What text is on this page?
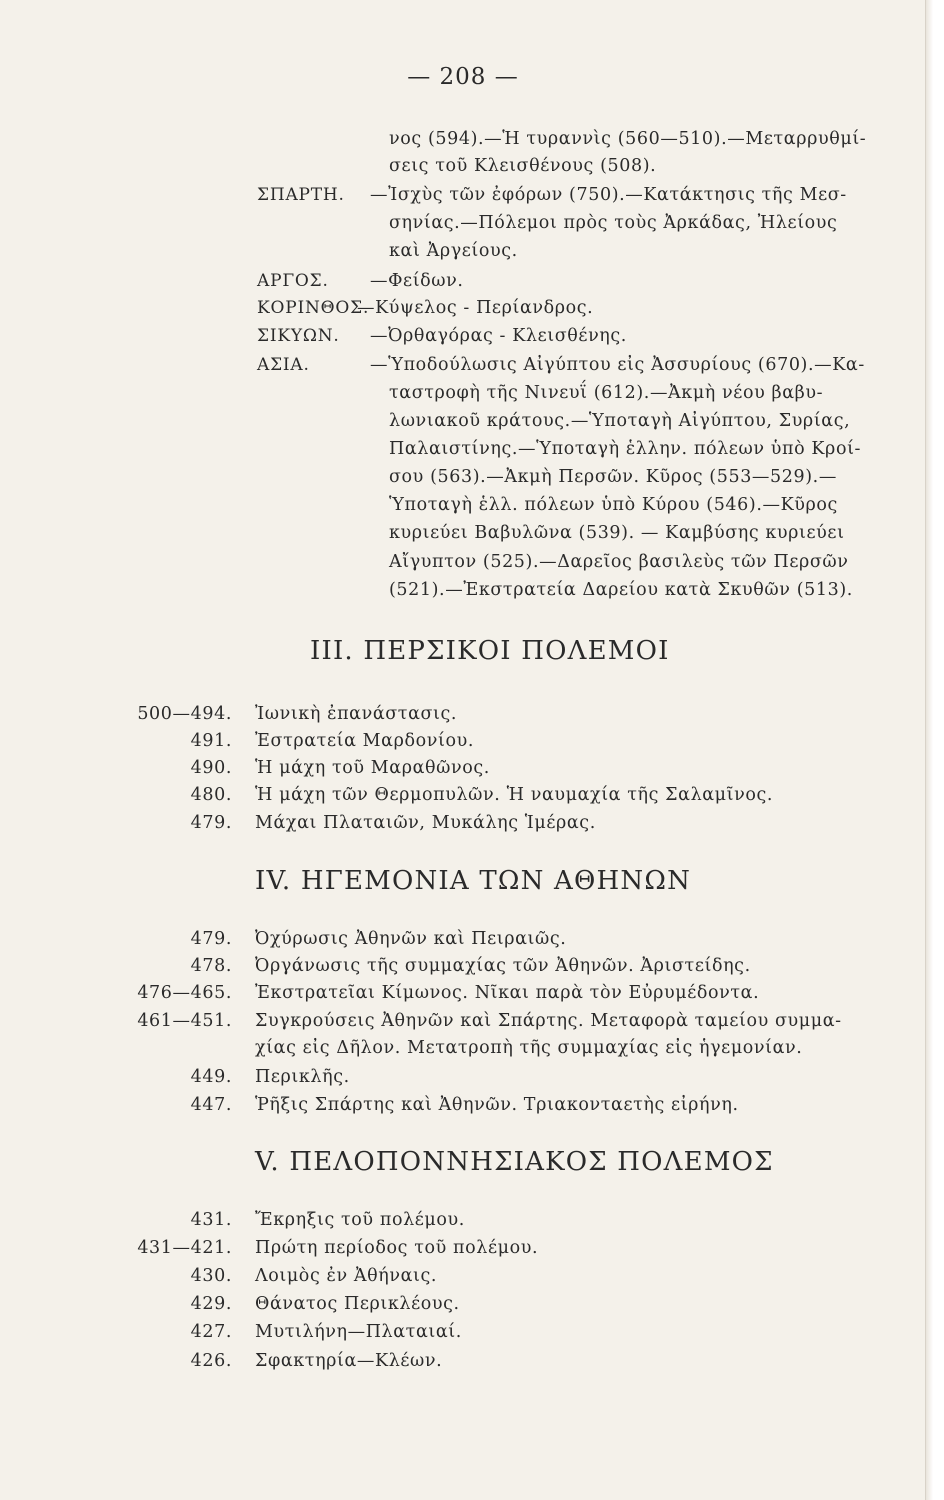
— 208 —
νος (594).—Ἡ τυραννὶς (560—510).—Μεταρρυθμί-
σεις τοῦ Κλεισθένους (508).
ΣΠΑΡΤΗ. —Ἰσχὺς τῶν ἐφόρων (750).—Κατάκτησις τῆς Μεσ-
σηνίας.—Πόλεμοι πρὸς τοὺς Ἀρκάδας, Ἠλείους
καὶ Ἀργείους.
ΑΡΓΟΣ. —Φείδων.
ΚΟΡΙΝΘΟΣ.
—Κύψελος - Περίανδρος.
ΣΙΚΥΩΝ. —Ὀρθαγόρας - Κλεισθένης.
ΑΣΙΑ.	—Ὑποδούλωσις Αἰγύπτου εἰς Ἀσσυρίους (670).—Κα-
ταστροφὴ τῆς Νινευΐ (612).—Ἀκμὴ νέου βαβυ-
λωνιακοῦ κράτους.—Ὑποταγὴ Αἰγύπτου, Συρίας,
Παλαιστίνης.—Ὑποταγὴ ἑλλην. πόλεων ὑπὸ Κροί-
σου (563).—Ἀκμὴ Περσῶν. Κῦρος (553—529).—
Ὑποταγὴ ἑλλ. πόλεων ὑπὸ Κύρου (546).—Κῦρος
κυριεύει Βαβυλῶνα (539). — Καμβύσης κυριεύει
Αἴγυπτον (525).—Δαρεῖος βασιλεὺς τῶν Περσῶν
(521).—Ἐκστρατεία Δαρείου κατὰ Σκυθῶν (513).
III. ΠΕΡΣΙΚΟΙ ΠΟΛΕΜΟΙ
500—494. Ἰωνικὴ ἐπανάστασις.
491. Ἐστρατεία Μαρδονίου.
490. Ἡ μάχη τοῦ Μαραθῶνος.
480. Ἡ μάχη τῶν Θερμοπυλῶν. Ἡ ναυμαχία τῆς Σαλαμῖνος.
479. Μάχαι Πλαταιῶν, Μυκάλης Ἱμέρας.
IV. ΗΓΕΜΟΝΙΑ ΤΩΝ ΑΘΗΝΩΝ
479. Ὀχύρωσις Ἀθηνῶν καὶ Πειραιῶς.
478. Ὀργάνωσις τῆς συμμαχίας τῶν Ἀθηνῶν. Ἀριστείδης.
476—465. Ἐκστρατεῖαι Κίμωνος. Νῖκαι παρὰ τὸν Εὐρυμέδοντα.
461—451. Συγκρούσεις Ἀθηνῶν καὶ Σπάρτης. Μεταφορὰ ταμείου συμμα-
χίας εἰς Δῆλον. Μετατροπὴ τῆς συμμαχίας εἰς ἡγεμονίαν.
449. Περικλῆς.
447. Ῥῆξις Σπάρτης καὶ Ἀθηνῶν. Τριακονταετὴς εἰρήνη.
V. ΠΕΛΟΠΟΝΝΗΣΙΑΚΟΣ ΠΟΛΕΜΟΣ
431. Ἔκρηξις τοῦ πολέμου.
431—421. Πρώτη περίοδος τοῦ πολέμου.
430. Λοιμὸς ἐν Ἀθήναις.
429. Θάνατος Περικλέους.
427. Μυτιλήνη—Πλαταιαί.
426. Σφακτηρία—Κλέων.
